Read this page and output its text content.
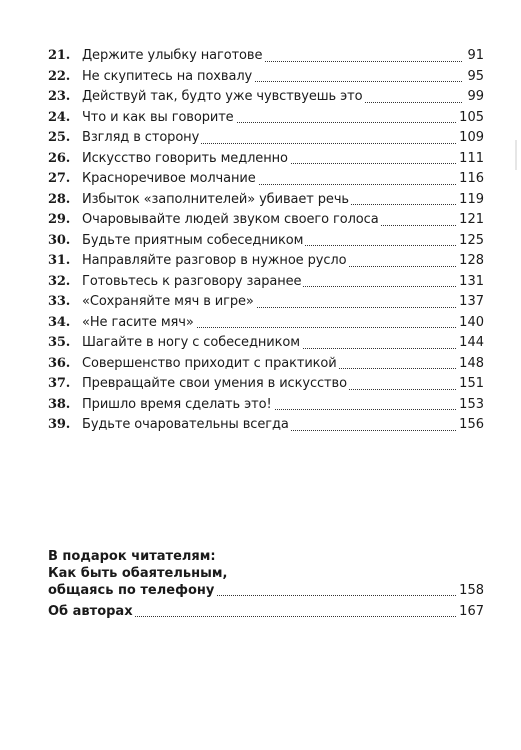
21. Держите улыбку наготове	91
22. Не скупитесь на похвалу	95
23. Действуй так, будто уже чувствуешь это	99
24. Что и как вы говорите	105
25. Взгляд в сторону	109
26. Искусство говорить медленно	111
27. Красноречивое молчание	116
28. Избыток «заполнителей» убивает речь	119
29. Очаровывайте людей звуком своего голоса	121
30. Будьте приятным собеседником	125
31. Направляйте разговор в нужное русло	128
32. Готовьтесь к разговору заранее	131
33. «Сохраняйте мяч в игре»	137
34. «Не гасите мяч»	140
35. Шагайте в ногу с собеседником	144
36. Совершенство приходит с практикой	148
37. Превращайте свои умения в искусство	151
38. Пришло время сделать это!	153
39. Будьте очаровательны всегда	156
В подарок читателям:
Как быть обаятельным,
общаясь по телефону	158
Об авторах	167
